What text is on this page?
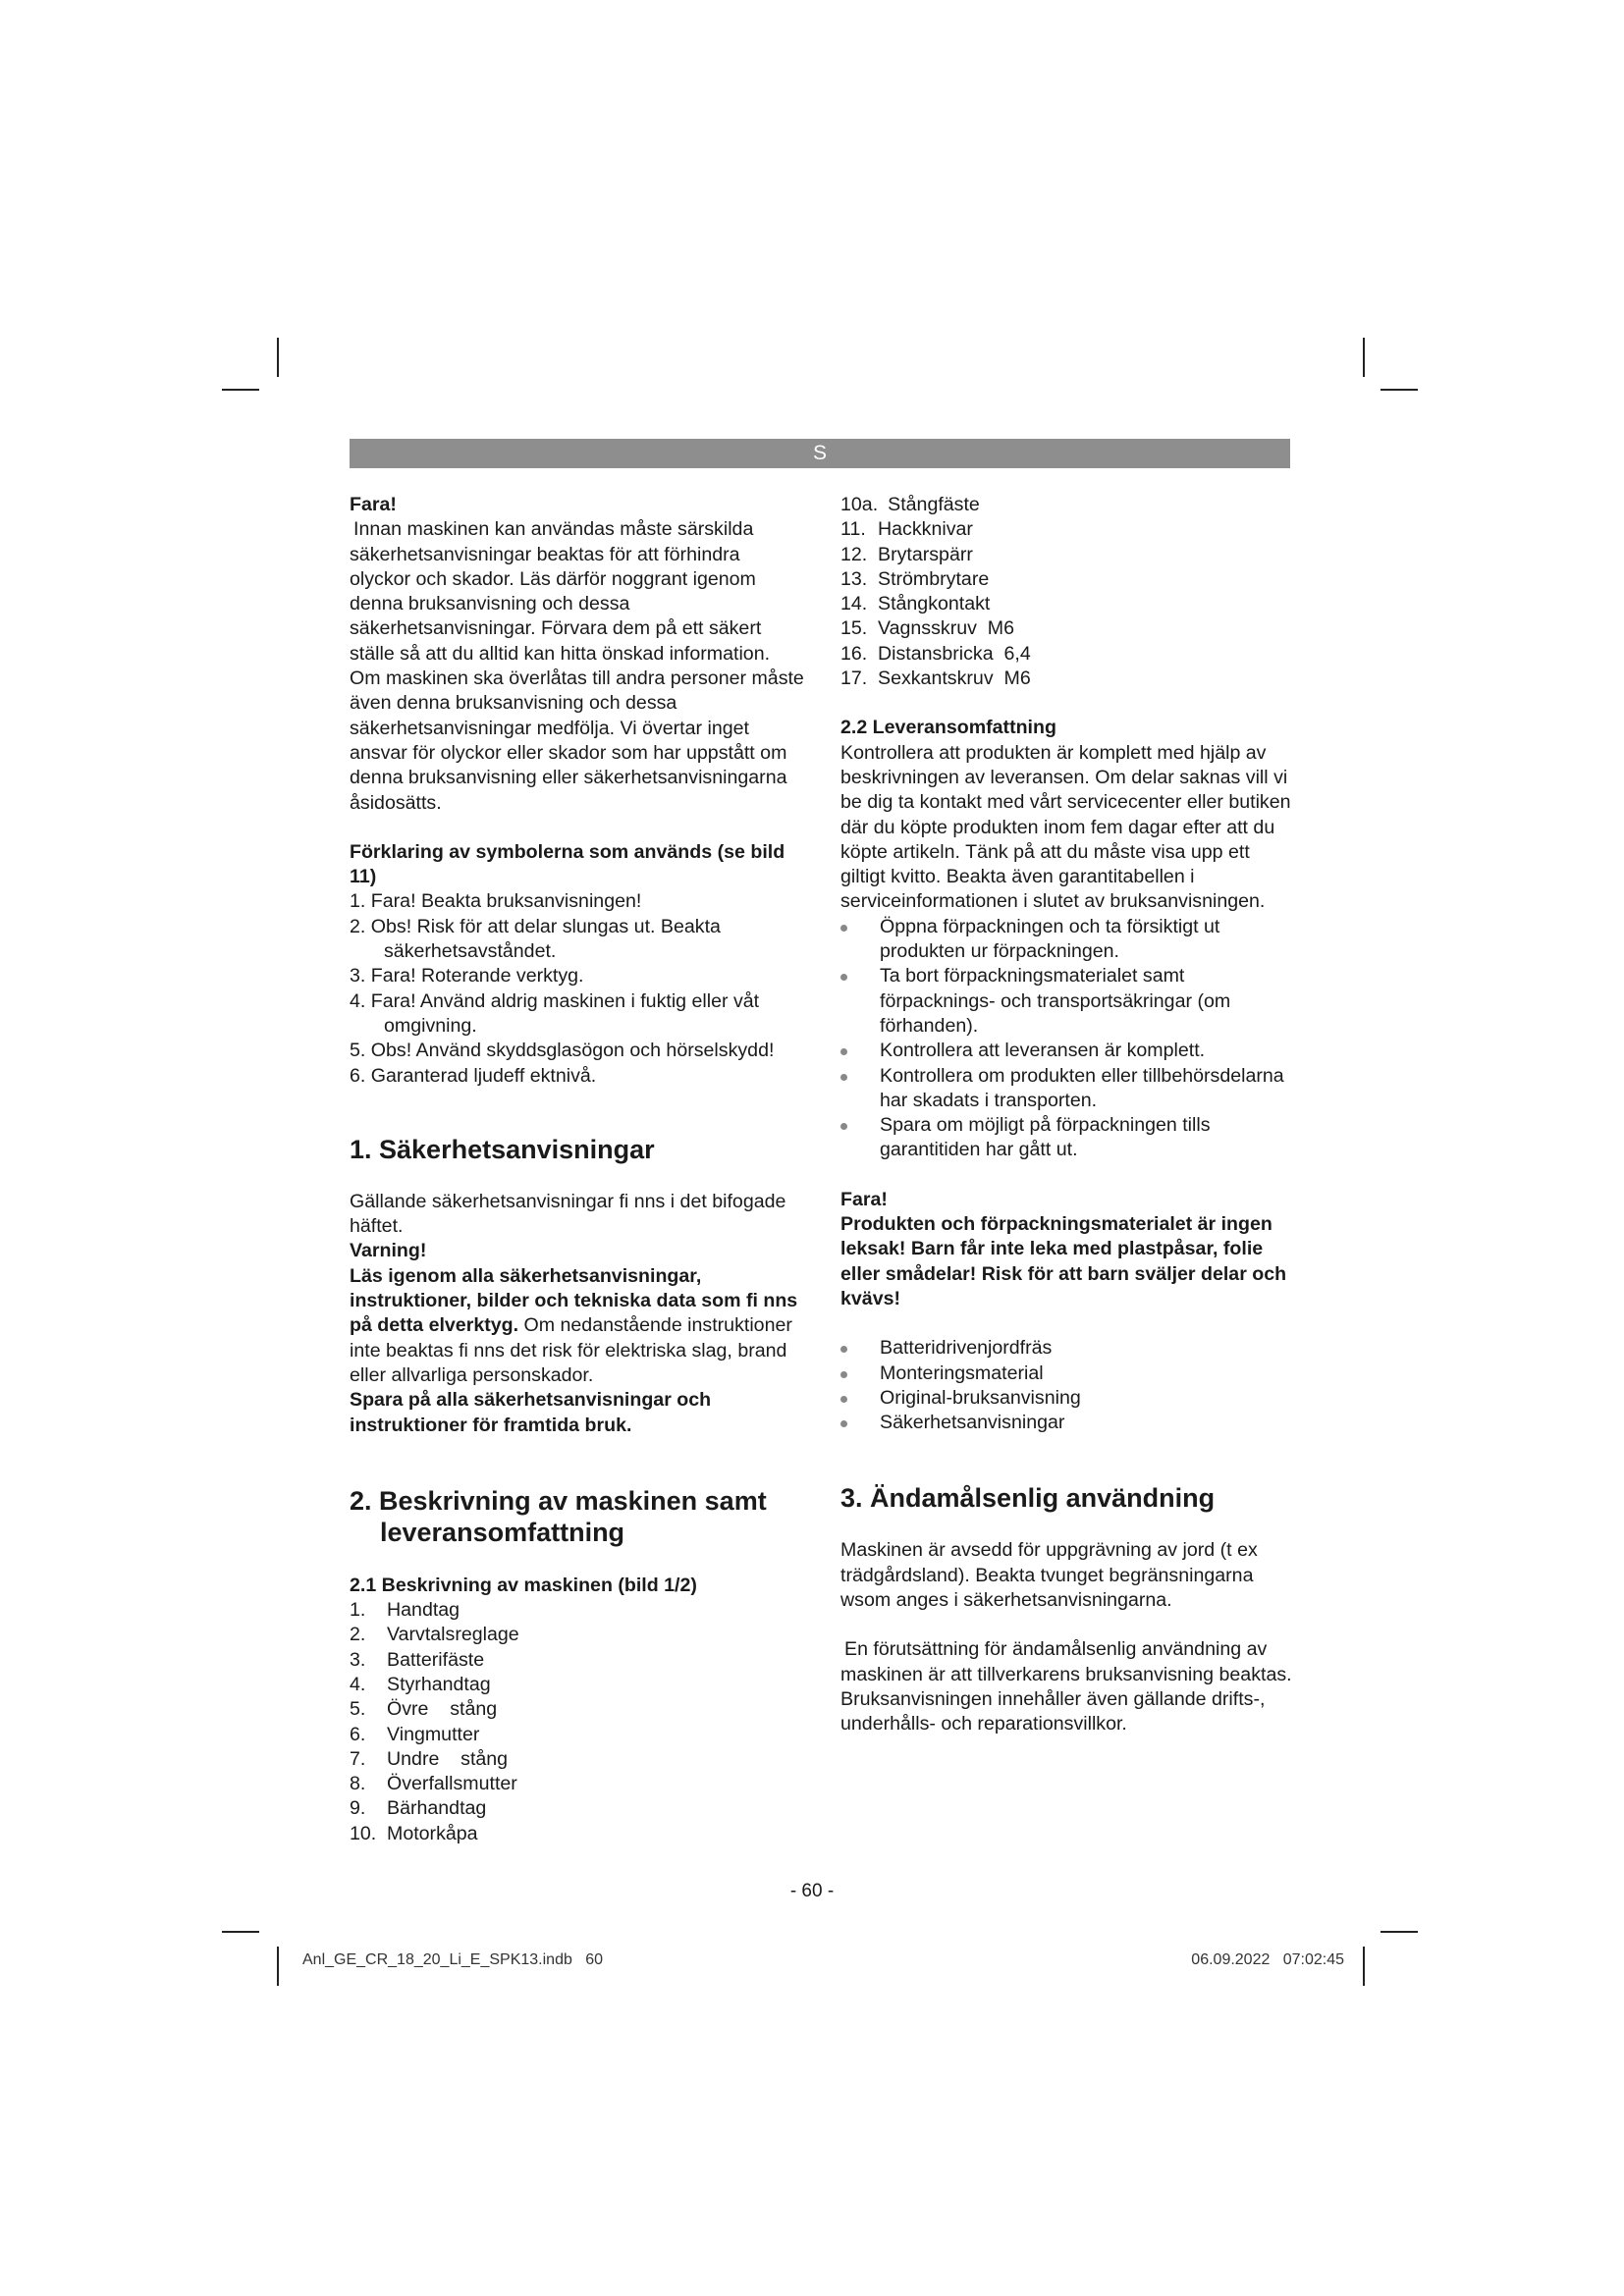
S

Fara!

Innan maskinen kan användas måste särskilda säkerhetsanvisningar beaktas för att förhindra olyckor och skador. Läs därför noggrant igenom denna bruksanvisning och dessa säkerhetsanvisningar. Förvara dem på ett säkert ställe så att du alltid kan hitta önskad information. Om maskinen ska överlåtas till andra personer måste även denna bruksanvisning och dessa säkerhetsanvisningar medfölja. Vi övertar inget ansvar för olyckor eller skador som har uppstått om denna bruksanvisning eller säkerhetsanvisningarna åsidosätts.

Förklaring av symbolerna som används (se bild 11)

1. Fara! Beakta bruksanvisningen!
2. Obs! Risk för att delar slungas ut. Beakta säkerhetsavståndet.
3. Fara! Roterande verktyg.
4. Fara! Använd aldrig maskinen i fuktig eller våt omgivning.
5. Obs! Använd skyddsglasögon och hörselskydd!
6. Garanterad ljudeff ektnivå.

1. Säkerhetsanvisningar

Gällande säkerhetsanvisningar fi nns i det bifogade häftet.

Varning!

Läs igenom alla säkerhetsanvisningar, instruktioner, bilder och tekniska data som fi nns på detta elverktyg. Om nedanstående instruktioner inte beaktas fi nns det risk för elektriska slag, brand eller allvarliga personskador.

Spara på alla säkerhetsanvisningar och instruktioner för framtida bruk.

2. Beskrivning av maskinen samt leveransomfattning

2.1 Beskrivning av maskinen (bild 1/2)

1.	Handtag
2.	Varvtalsreglage
3.	Batterifäste
4.	Styrhandtag
5.	Övre    stång
6.	Vingmutter
7.	Undre    stång
8.	Överfallsmutter
9.	Bärhandtag
10. Motorkåpa
10a. Stångfäste
11. Hackknivar
12. Brytarspärr
13. Strömbrytare
14. Stångkontakt
15. Vagnsskruv  M6
16. Distansbricka  6,4
17. Sexkantskruv  M6

2.2 Leveransomfattning

Kontrollera att produkten är komplett med hjälp av beskrivningen av leveransen. Om delar saknas vill vi be dig ta kontakt med vårt servicecenter eller butiken där du köpte produkten inom fem dagar efter att du köpte artikeln. Tänk på att du måste visa upp ett giltigt kvitto. Beakta även garantitabellen i serviceinformationen i slutet av bruksanvisningen.

Öppna förpackningen och ta försiktigt ut produkten ur förpackningen.
Ta bort förpackningsmaterialet samt förpacknings- och transportsäkringar (om förhanden).
Kontrollera att leveransen är komplett.
Kontrollera om produkten eller tillbehörsdelarna har skadats i transporten.
Spara om möjligt på förpackningen tills garantitiden har gått ut.

Fara!

Produkten och förpackningsmaterialet är ingen leksak! Barn får inte leka med plastpåsar, folie eller smådelar! Risk för att barn sväljer delar och kvävs!

Batteridrivenjordfräs
Monteringsmaterial
Original-bruksanvisning
Säkerhetsanvisningar

3. Ändamålsenlig användning

Maskinen är avsedd för uppgrävning av jord (t ex trädgårdsland). Beakta tvunget begränsningarna wsom anges i säkerhetsanvisningarna.

En förutsättning för ändamålsenlig användning av maskinen är att tillverkarens bruksanvisning beaktas. Bruksanvisningen innehåller även gällande drifts-, underhålls- och reparationsvillkor.

- 60 -
Anl_GE_CR_18_20_Li_E_SPK13.indb   60	06.09.2022   07:02:45
